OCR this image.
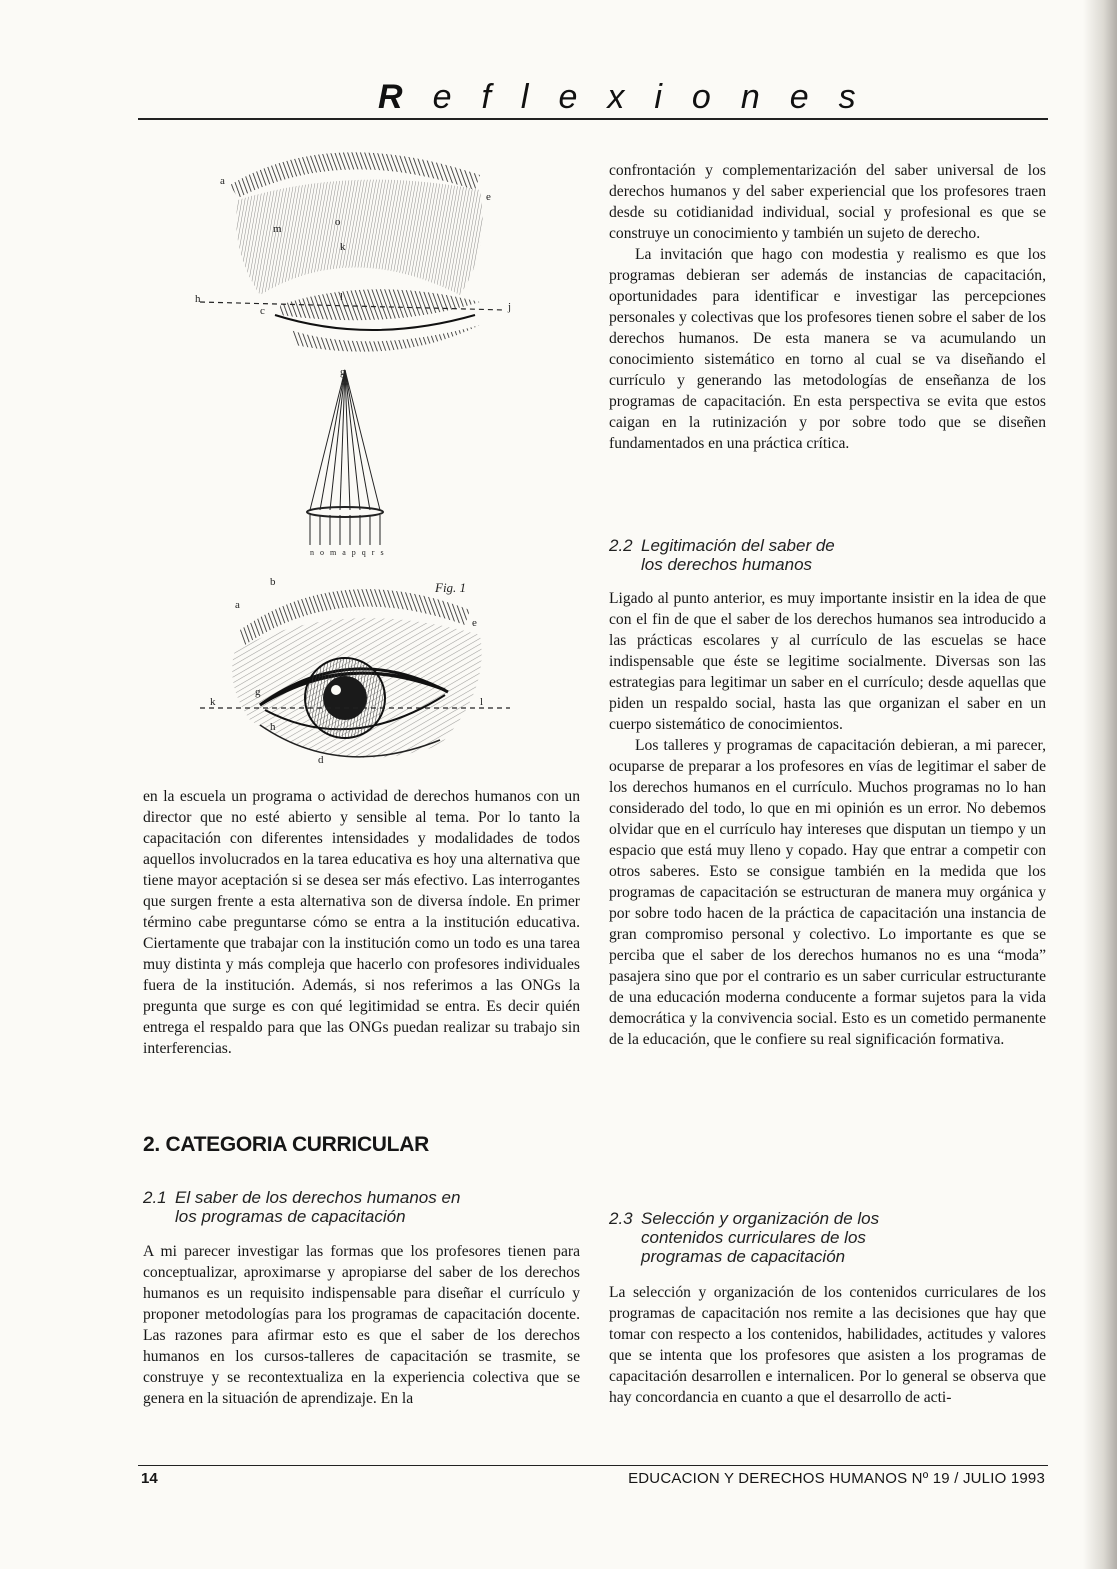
Reflexiones
a
e
o
k
m
h	l
j
c
g
n o m a p q r s
b
a
Fig. 1
e
k
g
l
h
d

en la escuela un programa o actividad de derechos humanos con un director que no esté abierto y sensible al tema. Por lo tanto la capacitación con diferentes intensidades y modalidades de todos aquellos involucrados en la tarea educativa es hoy una alternativa que tiene mayor aceptación si se desea ser más efectivo. Las interrogantes que surgen frente a esta alternativa son de diversa índole. En primer término cabe preguntarse cómo se entra a la institución educativa. Ciertamente que trabajar con la institución como un todo es una tarea muy distinta y más compleja que hacerlo con profesores individuales fuera de la institución. Además, si nos referimos a las ONGs la pregunta que surge es con qué legitimidad se entra. Es decir quién entrega el respaldo para que las ONGs puedan realizar su trabajo sin interferencias.

2. CATEGORIA CURRICULAR
2.1 El saber de los derechos humanos en
los programas de capacitación

A mi parecer investigar las formas que los profesores tienen para conceptualizar, aproximarse y apropiarse del saber de los derechos humanos es un requisito indispensable para diseñar el currículo y proponer metodologías para los programas de capacitación docente. Las razones para afirmar esto es que el saber de los derechos humanos en los cursos-talleres de capacitación se trasmite, se construye y se recontextualiza en la experiencia colectiva que se genera en la situación de aprendizaje. En la

confrontación y complementarización del saber universal de los derechos humanos y del saber experiencial que los profesores traen desde su cotidianidad individual, social y profesional es que se construye un conocimiento y también un sujeto de derecho.

La invitación que hago con modestia y realismo es que los programas debieran ser además de instancias de capacitación, oportunidades para identificar e investigar las percepciones personales y colectivas que los profesores tienen sobre el saber de los derechos humanos. De esta manera se va acumulando un conocimiento sistemático en torno al cual se va diseñando el currículo y generando las metodologías de enseñanza de los programas de capacitación. En esta perspectiva se evita que estos caigan en la rutinización y por sobre todo que se diseñen fundamentados en una práctica crítica.

2.2 Legitimación del saber de
los derechos humanos

Ligado al punto anterior, es muy importante insistir en la idea de que con el fin de que el saber de los derechos humanos sea introducido a las prácticas escolares y al currículo de las escuelas se hace indispensable que éste se legitime socialmente. Diversas son las estrategias para legitimar un saber en el currículo; desde aquellas que piden un respaldo social, hasta las que organizan el saber en un cuerpo sistemático de conocimientos.

Los talleres y programas de capacitación debieran, a mi parecer, ocuparse de preparar a los profesores en vías de legitimar el saber de los derechos humanos en el currículo. Muchos programas no lo han considerado del todo, lo que en mi opinión es un error. No debemos olvidar que en el currículo hay intereses que disputan un tiempo y un espacio que está muy lleno y copado. Hay que entrar a competir con otros saberes. Esto se consigue también en la medida que los programas de capacitación se estructuran de manera muy orgánica y por sobre todo hacen de la práctica de capacitación una instancia de gran compromiso personal y colectivo. Lo importante es que se perciba que el saber de los derechos humanos no es una “moda” pasajera sino que por el contrario es un saber curricular estructurante de una educación moderna conducente a formar sujetos para la vida democrática y la convivencia social. Esto es un cometido permanente de la educación, que le confiere su real significación formativa.

2.3 Selección y organización de los
contenidos curriculares de los
programas de capacitación

La selección y organización de los contenidos curriculares de los programas de capacitación nos remite a las decisiones que hay que tomar con respecto a los contenidos, habilidades, actitudes y valores que se intenta que los profesores que asisten a los programas de capacitación desarrollen e internalicen. Por lo general se observa que hay concordancia en cuanto a que el desarrollo de acti-

14	EDUCACION Y DERECHOS HUMANOS Nº 19 / JULIO 1993
